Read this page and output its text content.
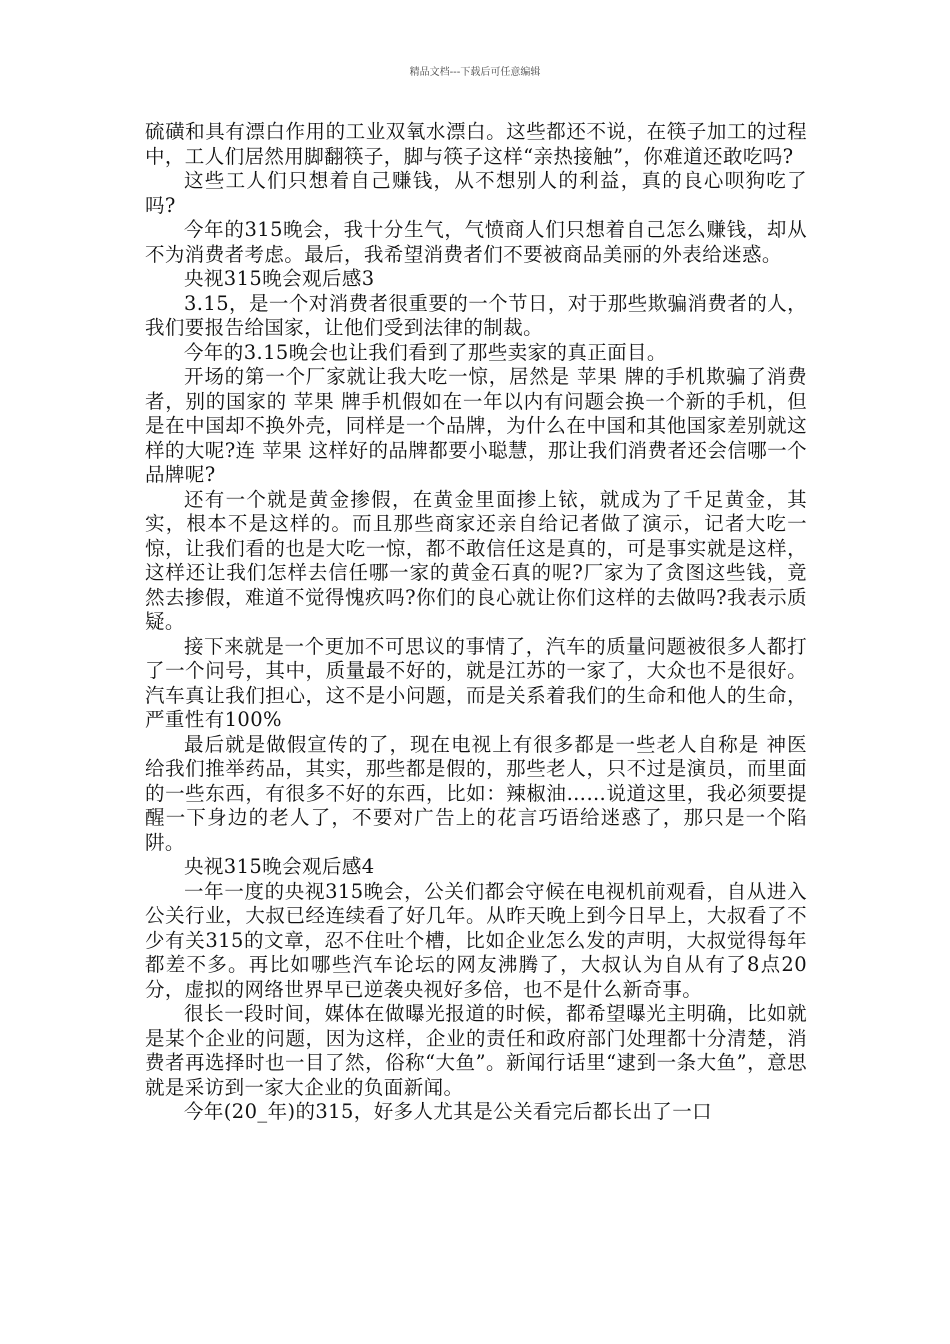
精品文档---下载后可任意编辑

硫磺和具有漂白作用的工业双氧水漂白。这些都还不说，在筷子加工的过程中，工人们居然用脚翻筷子，脚与筷子这样“亲热接触”，你难道还敢吃吗?

这些工人们只想着自己赚钱，从不想别人的利益，真的良心呗狗吃了吗?

今年的315晚会，我十分生气，气愤商人们只想着自己怎么赚钱，却从不为消费者考虑。最后，我希望消费者们不要被商品美丽的外表给迷惑。

央视315晚会观后感3

3.15，是一个对消费者很重要的一个节日，对于那些欺骗消费者的人，我们要报告给国家，让他们受到法律的制裁。

今年的3.15晚会也让我们看到了那些卖家的真正面目。

开场的第一个厂家就让我大吃一惊，居然是 苹果 牌的手机欺骗了消费者，别的国家的 苹果 牌手机假如在一年以内有问题会换一个新的手机，但是在中国却不换外壳，同样是一个品牌，为什么在中国和其他国家差别就这样的大呢?连 苹果 这样好的品牌都要小聪慧，那让我们消费者还会信哪一个品牌呢?

还有一个就是黄金掺假，在黄金里面掺上铱，就成为了千足黄金，其实，根本不是这样的。而且那些商家还亲自给记者做了演示，记者大吃一惊，让我们看的也是大吃一惊，都不敢信任这是真的，可是事实就是这样，这样还让我们怎样去信任哪一家的黄金石真的呢?厂家为了贪图这些钱，竟然去掺假，难道不觉得愧疚吗?你们的良心就让你们这样的去做吗?我表示质疑。

接下来就是一个更加不可思议的事情了，汽车的质量问题被很多人都打了一个问号，其中，质量最不好的，就是江苏的一家了，大众也不是很好。汽车真让我们担心，这不是小问题，而是关系着我们的生命和他人的生命，严重性有100%

最后就是做假宣传的了，现在电视上有很多都是一些老人自称是 神医 给我们推举药品，其实，那些都是假的，那些老人，只不过是演员，而里面的一些东西，有很多不好的东西，比如：辣椒油……说道这里，我必须要提醒一下身边的老人了，不要对广告上的花言巧语给迷惑了，那只是一个陷阱。

央视315晚会观后感4

一年一度的央视315晚会，公关们都会守候在电视机前观看，自从进入公关行业，大叔已经连续看了好几年。从昨天晚上到今日早上，大叔看了不少有关315的文章，忍不住吐个槽，比如企业怎么发的声明，大叔觉得每年都差不多。再比如哪些汽车论坛的网友沸腾了，大叔认为自从有了8点20分，虚拟的网络世界早已逆袭央视好多倍，也不是什么新奇事。

很长一段时间，媒体在做曝光报道的时候，都希望曝光主明确，比如就是某个企业的问题，因为这样，企业的责任和政府部门处理都十分清楚，消费者再选择时也一目了然，俗称“大鱼”。新闻行话里“逮到一条大鱼”，意思就是采访到一家大企业的负面新闻。

今年(20_年)的315，好多人尤其是公关看完后都长出了一口
